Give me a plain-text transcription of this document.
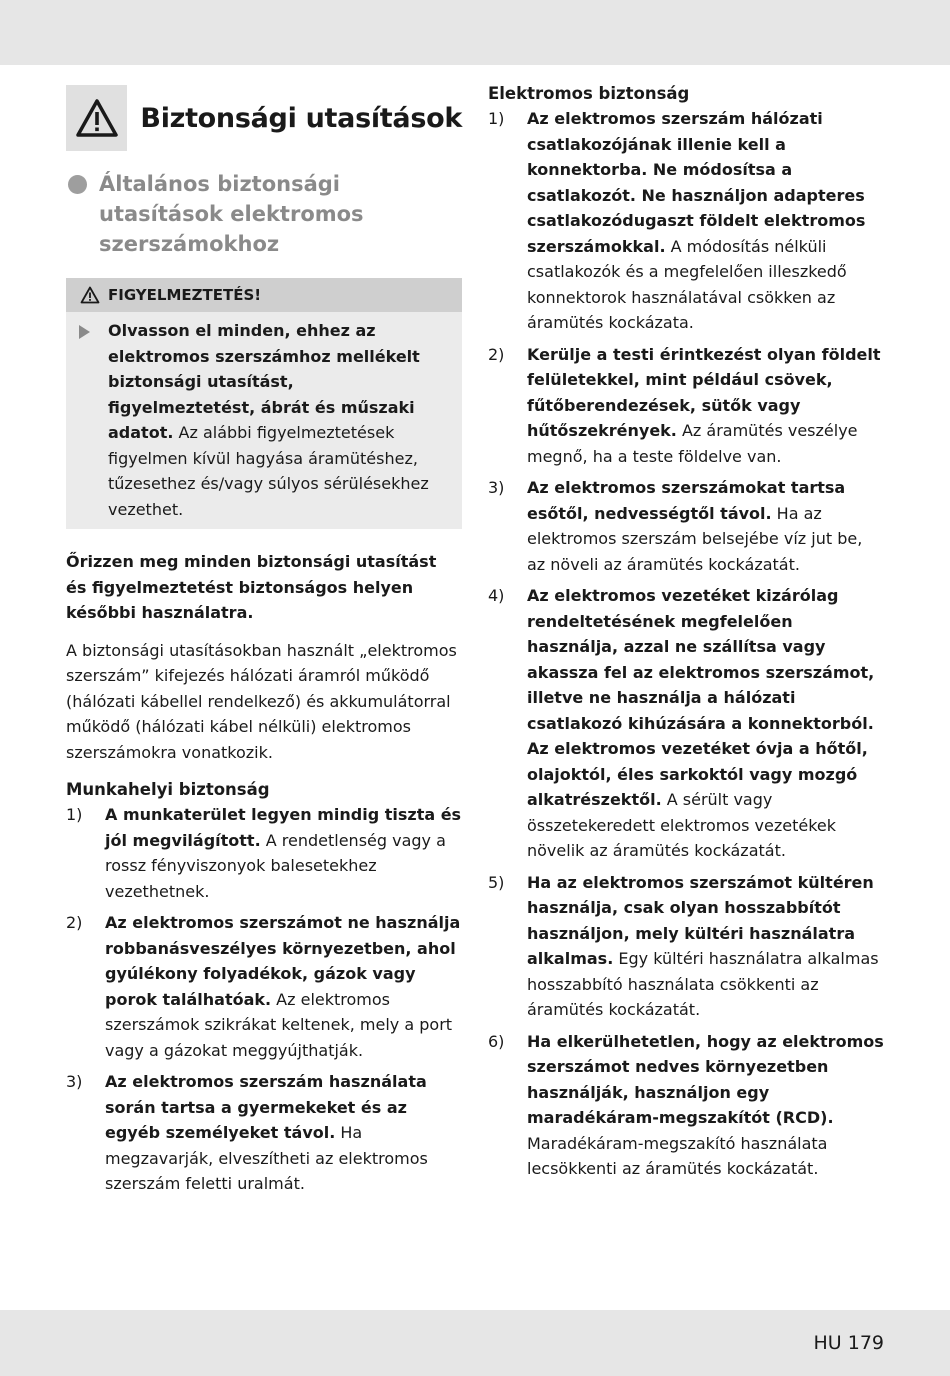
Biztonsági utasítások
Általános biztonsági utasítások elektromos szerszámokhoz
FIGYELMEZTETÉS!
Olvasson el minden, ehhez az elektromos szerszámhoz mellékelt biztonsági utasítást, figyelmeztetést, ábrát és műszaki adatot. Az alábbi figyelmeztetések figyelmen kívül hagyása áramütéshez, tűzesethez és/vagy súlyos sérülésekhez vezethet.
Őrizzen meg minden biztonsági utasítást és figyelmeztetést biztonságos helyen későbbi használatra.
A biztonsági utasításokban használt „elektromos szerszám” kifejezés hálózati áramról működő (hálózati kábellel rendelkező) és akkumulátorral működő (hálózati kábel nélküli) elektromos szerszámokra vonatkozik.
Munkahelyi biztonság
1)	A munkaterület legyen mindig tiszta és jól megvilágított. A rendetlenség vagy a rossz fényviszonyok balesetekhez vezethetnek.
2)	Az elektromos szerszámot ne használja robbanásveszélyes környezetben, ahol gyúlékony folyadékok, gázok vagy porok találhatóak. Az elektromos szerszámok szikrákat keltenek, mely a port vagy a gázokat meggyújthatják.
3)	Az elektromos szerszám használata során tartsa a gyermekeket és az egyéb személyeket távol. Ha megzavarják, elveszítheti az elektromos szerszám feletti uralmát.
Elektromos biztonság
1)	Az elektromos szerszám hálózati csatlakozójának illenie kell a konnektorba. Ne módosítsa a csatlakozót. Ne használjon adapteres csatlakozódugaszt földelt elektromos szerszámokkal. A módosítás nélküli csatlakozók és a megfelelően illeszkedő konnektorok használatával csökken az áramütés kockázata.
2)	Kerülje a testi érintkezést olyan földelt felületekkel, mint például csövek, fűtőberendezések, sütők vagy hűtőszekrények. Az áramütés veszélye megnő, ha a teste földelve van.
3)	Az elektromos szerszámokat tartsa esőtől, nedvességtől távol. Ha az elektromos szerszám belsejébe víz jut be, az növeli az áramütés kockázatát.
4)	Az elektromos vezetéket kizárólag rendeltetésének megfelelően használja, azzal ne szállítsa vagy akassza fel az elektromos szerszámot, illetve ne használja a hálózati csatlakozó kihúzására a konnektorból. Az elektromos vezetéket óvja a hőtől, olajoktól, éles sarkoktól vagy mozgó alkatrészektől. A sérült vagy összetekeredett elektromos vezetékek növelik az áramütés kockázatát.
5)	Ha az elektromos szerszámot kültéren használja, csak olyan hosszabbítót használjon, mely kültéri használatra alkalmas. Egy kültéri használatra alkalmas hosszabbító használata csökkenti az áramütés kockázatát.
6)	Ha elkerülhetetlen, hogy az elektromos szerszámot nedves környezetben használják, használjon egy maradékáram-megszakítót (RCD). Maradékáram-megszakító használata lecsökkenti az áramütés kockázatát.
HU 179
